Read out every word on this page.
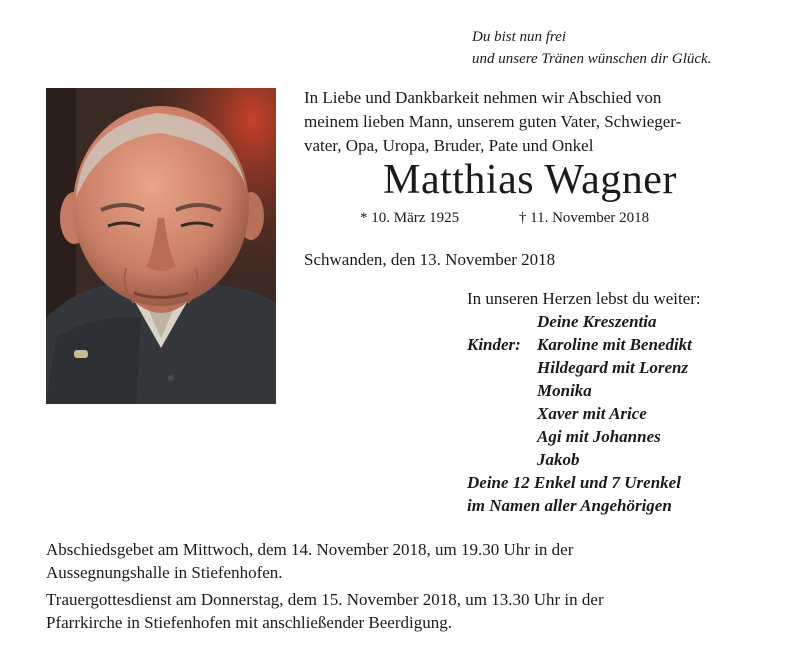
Du bist nun frei
und unsere Tränen wünschen dir Glück.
In Liebe und Dankbarkeit nehmen wir Abschied von
meinem lieben Mann, unserem guten Vater, Schwieger-
vater, Opa, Uropa, Bruder, Pate und Onkel
Matthias Wagner
* 10. März 1925	† 11. November 2018
Schwanden, den 13. November 2018
In unseren Herzen lebst du weiter:
Deine Kreszentia
Kinder: Karoline mit Benedikt
Hildegard mit Lorenz
Monika
Xaver mit Arice
Agi mit Johannes
Jakob
Deine 12 Enkel und 7 Urenkel
im Namen aller Angehörigen
Abschiedsgebet am Mittwoch, dem 14. November 2018, um 19.30 Uhr in der
Aussegnungshalle in Stiefenhofen.
Trauergottesdienst am Donnerstag, dem 15. November 2018, um 13.30 Uhr in der
Pfarrkirche in Stiefenhofen mit anschließender Beerdigung.
